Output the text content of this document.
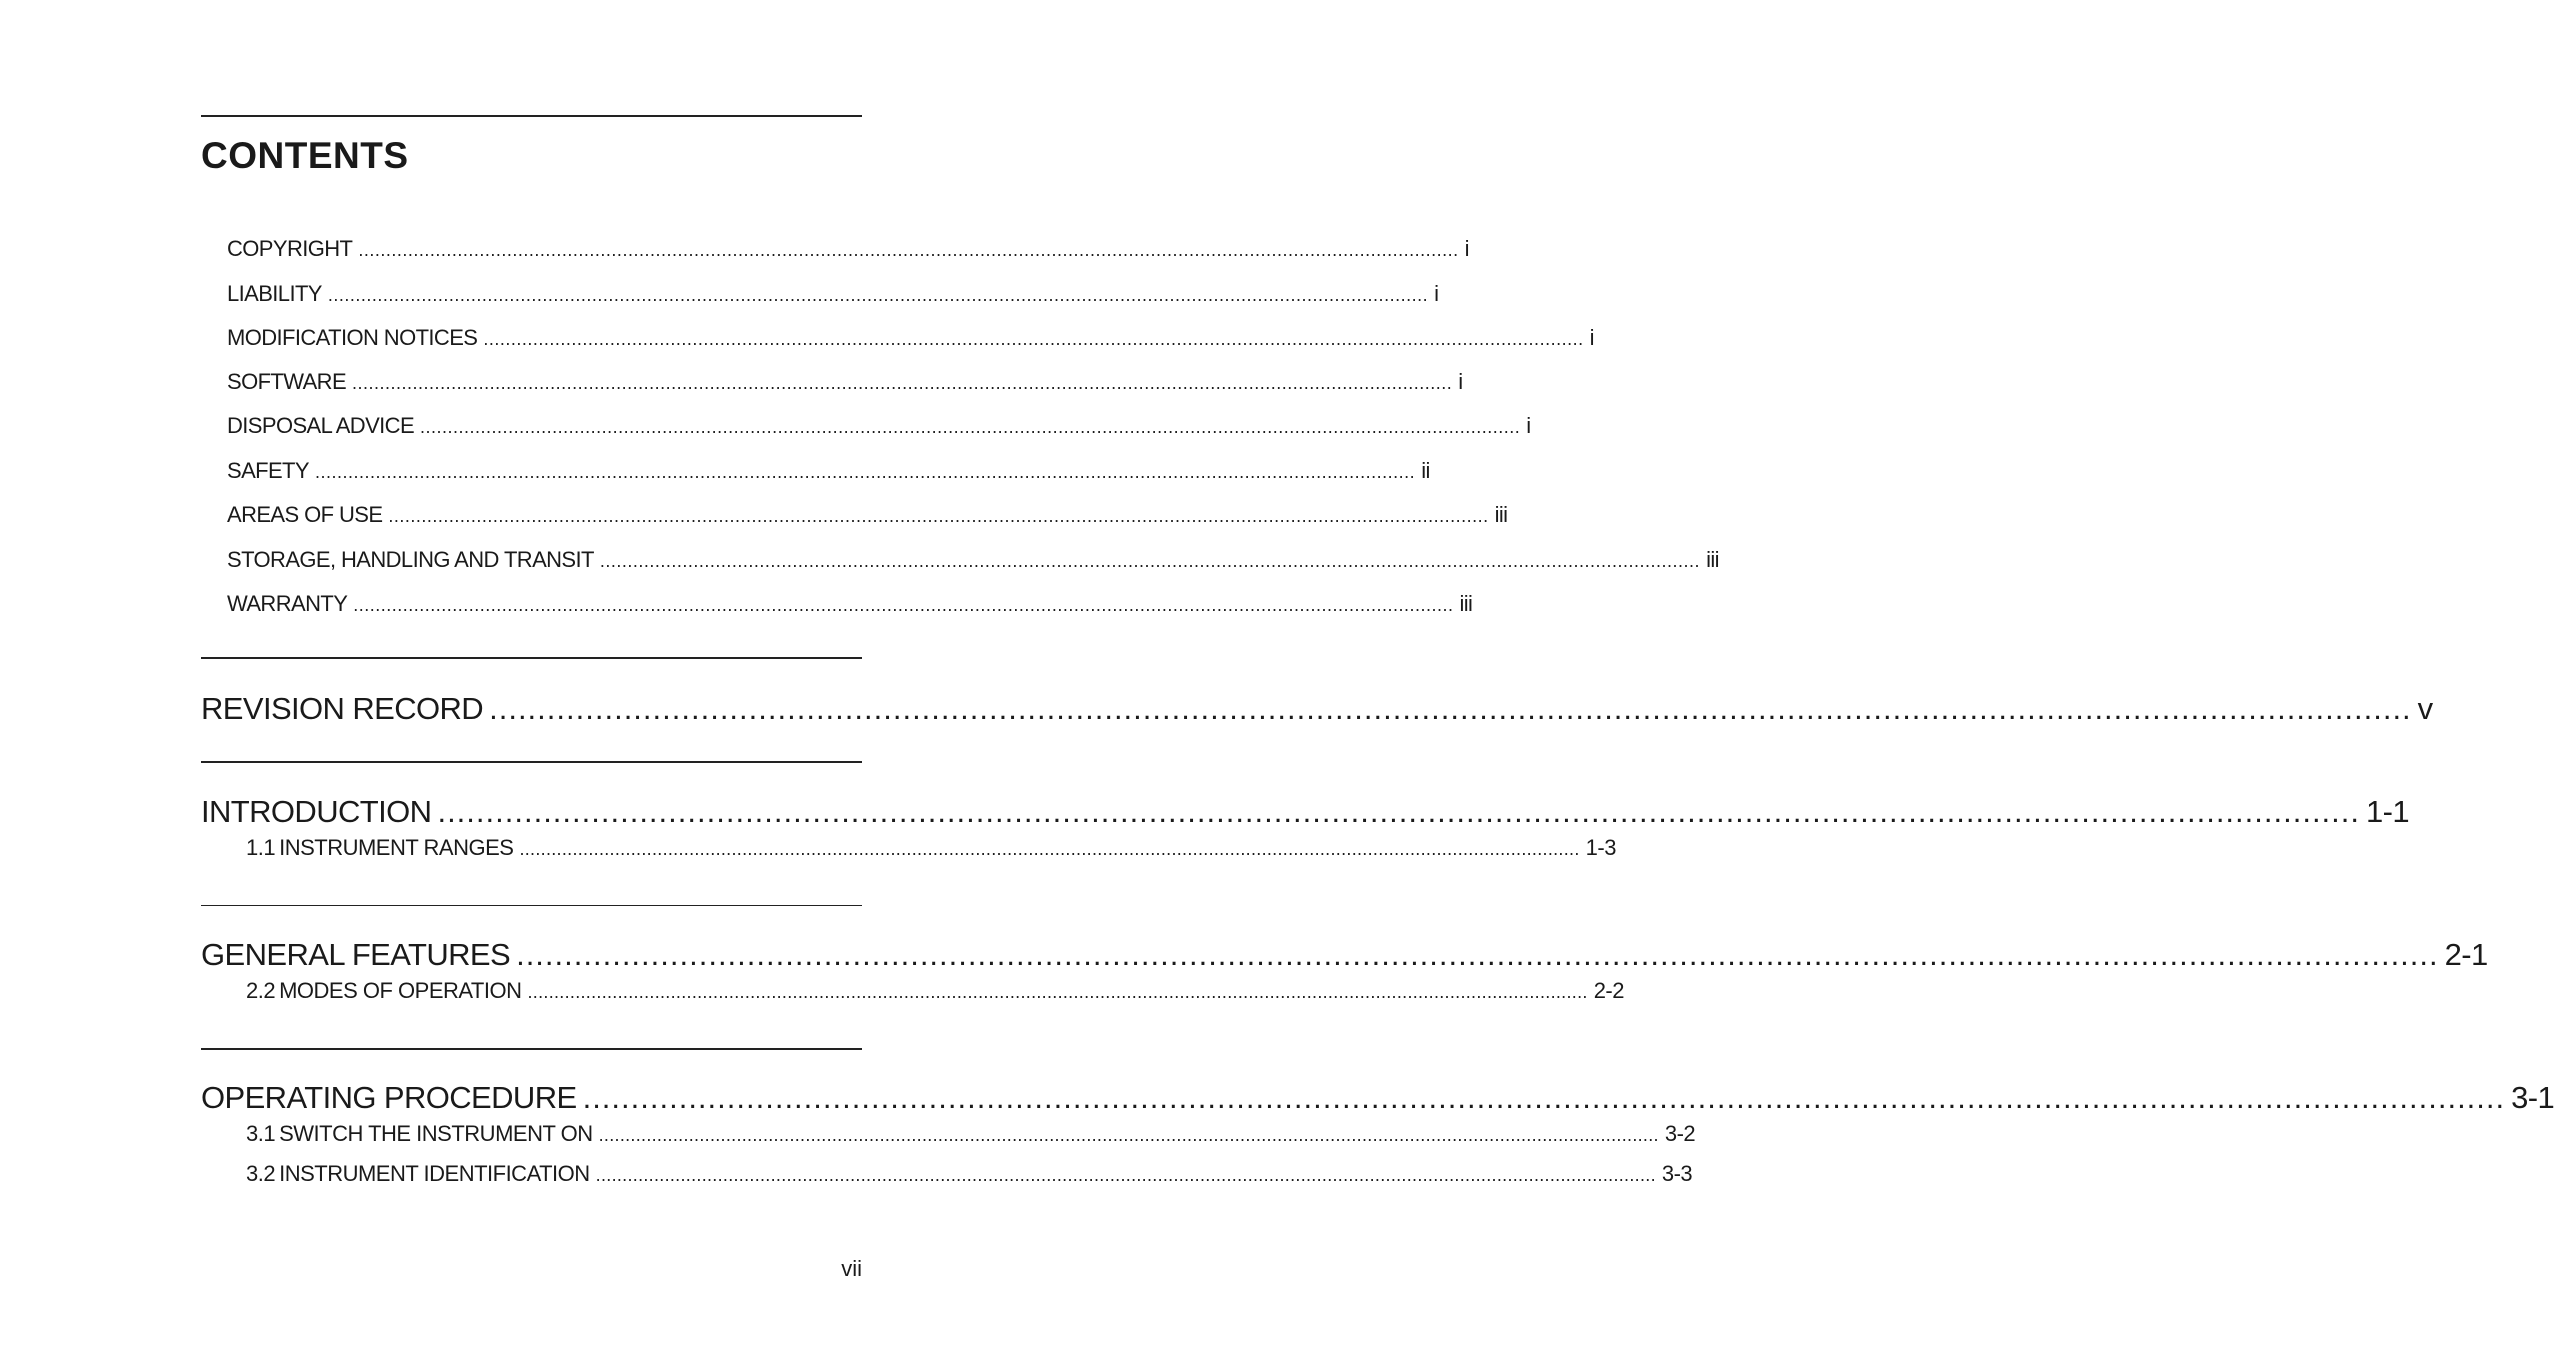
CONTENTS
COPYRIGHT ........................................................................................................................................................................................................ i
LIABILITY ........................................................................................................................................................................................................ i
MODIFICATION NOTICES ........................................................................................................................................................................................................ i
SOFTWARE ........................................................................................................................................................................................................ i
DISPOSAL ADVICE ........................................................................................................................................................................................................ i
SAFETY ........................................................................................................................................................................................................ ii
AREAS OF USE ........................................................................................................................................................................................................ iii
STORAGE, HANDLING AND TRANSIT ........................................................................................................................................................................................................ iii
WARRANTY ........................................................................................................................................................................................................ iii
REVISION RECORD ........................................................................................................................................................................................................ v
INTRODUCTION ........................................................................................................................................................................................................ 1-1
1.1 INSTRUMENT RANGES ........................................................................................................................................................................................................ 1-3
GENERAL FEATURES ........................................................................................................................................................................................................ 2-1
2.2 MODES OF OPERATION ........................................................................................................................................................................................................ 2-2
OPERATING PROCEDURE ........................................................................................................................................................................................................ 3-1
3.1 SWITCH THE INSTRUMENT ON ........................................................................................................................................................................................................ 3-2
3.2 INSTRUMENT IDENTIFICATION ........................................................................................................................................................................................................ 3-3
vii
